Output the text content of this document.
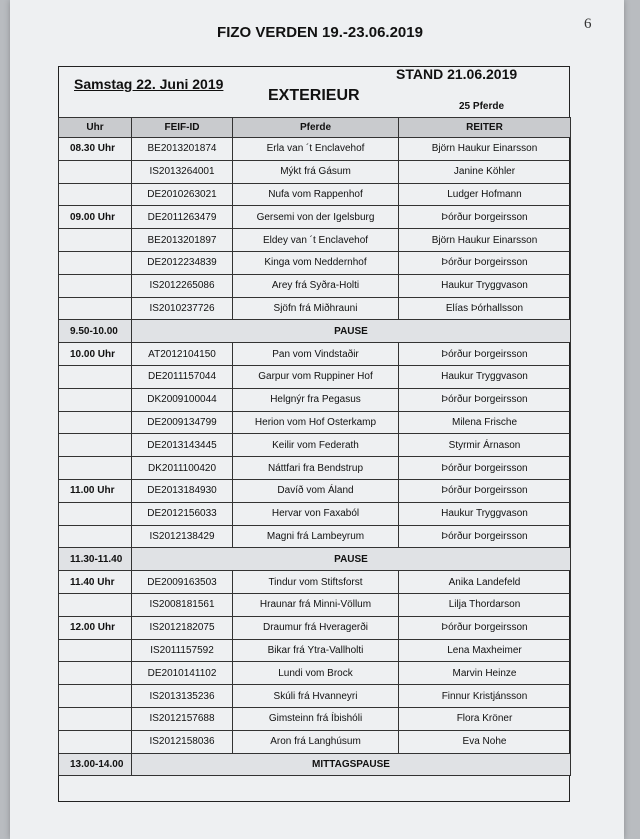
6
FIZO VERDEN 19.-23.06.2019
Samstag 22. Juni 2019
STAND 21.06.2019
EXTERIEUR
25 Pferde
Uhr	FEIF-ID	Pferde	REITER
08.30 Uhr	BE2013201874	Erla van ´t Enclavehof	Björn Haukur Einarsson
	IS2013264001	Mýkt frá Gásum	Janine Köhler
	DE2010263021	Nufa vom Rappenhof	Ludger Hofmann
09.00 Uhr	DE2011263479	Gersemi von der Igelsburg	Þórður Þorgeirsson
	BE2013201897	Eldey van ´t Enclavehof	Björn Haukur Einarsson
	DE2012234839	Kinga vom Neddernhof	Þórður Þorgeirsson
	IS2012265086	Arey frá Syðra-Holti	Haukur Tryggvason
	IS2010237726	Sjöfn frá Miðhrauni	Elías Þórhallsson
9.50-10.00	PAUSE		
10.00 Uhr	AT2012104150	Pan vom Vindstaðir	Þórður Þorgeirsson
	DE2011157044	Garpur vom Ruppiner Hof	Haukur Tryggvason
	DK2009100044	Helgnýr fra Pegasus	Þórður Þorgeirsson
	DE2009134799	Herion vom Hof Osterkamp	Milena Frische
	DE2013143445	Keilir vom Federath	Styrmir Árnason
	DK2011100420	Náttfari fra Bendstrup	Þórður Þorgeirsson
11.00 Uhr	DE2013184930	Davíð vom Áland	Þórður Þorgeirsson
	DE2012156033	Hervar von Faxaból	Haukur Tryggvason
	IS2012138429	Magni frá Lambeyrum	Þórður Þorgeirsson
11.30-11.40	PAUSE		
11.40 Uhr	DE2009163503	Tindur vom Stiftsforst	Anika Landefeld
	IS2008181561	Hraunar frá Minni-Völlum	Lilja Thordarson
12.00 Uhr	IS2012182075	Draumur frá Hveragerði	Þórður Þorgeirsson
	IS2011157592	Bikar frá Ytra-Vallholti	Lena Maxheimer
	DE2010141102	Lundi vom Brock	Marvin Heinze
	IS2013135236	Skúli frá Hvanneyri	Finnur Kristjánsson
	IS2012157688	Gimsteinn frá Íbishóli	Flora Kröner
	IS2012158036	Aron frá Langhúsum	Eva Nohe
13.00-14.00	MITTAGSPAUSE		
